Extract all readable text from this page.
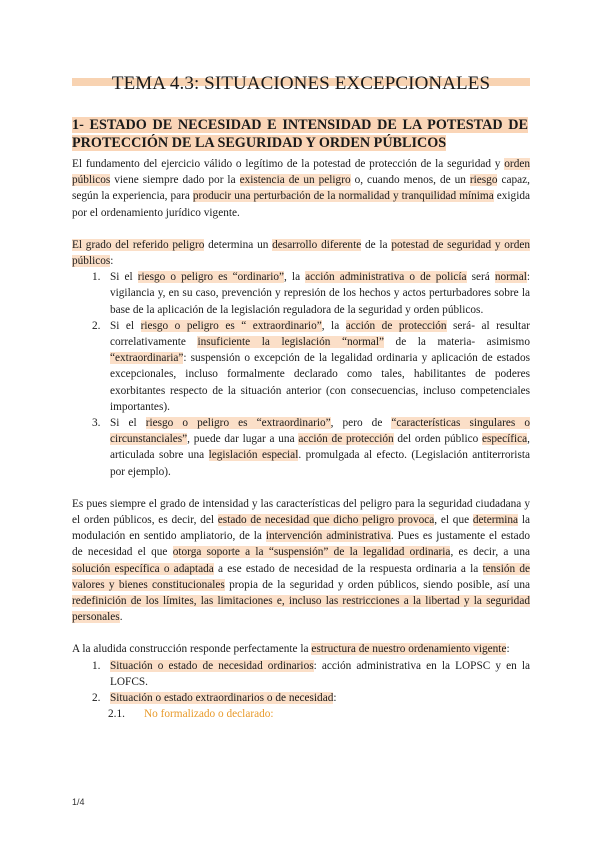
TEMA 4.3: SITUACIONES EXCEPCIONALES
1- ESTADO DE NECESIDAD E INTENSIDAD DE LA POTESTAD DE PROTECCIÓN DE LA SEGURIDAD Y ORDEN PÚBLICOS

El fundamento del ejercicio válido o legítimo de la potestad de protección de la seguridad y orden públicos viene siempre dado por la existencia de un peligro o, cuando menos, de un riesgo capaz, según la experiencia, para producir una perturbación de la normalidad y tranquilidad mínima exigida por el ordenamiento jurídico vigente.

El grado del referido peligro determina un desarrollo diferente de la potestad de seguridad y orden públicos:

1. Si el riesgo o peligro es “ordinario”, la acción administrativa o de policía será normal: vigilancia y, en su caso, prevención y represión de los hechos y actos perturbadores sobre la base de la aplicación de la legislación reguladora de la seguridad y orden públicos.
2. Si el riesgo o peligro es “ extraordinario”, la acción de protección será- al resultar correlativamente insuficiente la legislación “normal” de la materia- asimismo “extraordinaria”: suspensión o excepción de la legalidad ordinaria y aplicación de estados excepcionales, incluso formalmente declarado como tales, habilitantes de poderes exorbitantes respecto de la situación anterior (con consecuencias, incluso competenciales importantes).
3. Si el riesgo o peligro es “extraordinario”, pero de “características singulares o circunstanciales”, puede dar lugar a una acción de protección del orden público específica, articulada sobre una legislación especial. promulgada al efecto. (Legislación antiterrorista por ejemplo).

Es pues siempre el grado de intensidad y las características del peligro para la seguridad ciudadana y el orden públicos, es decir, del estado de necesidad que dicho peligro provoca, el que determina la modulación en sentido ampliatorio, de la intervención administrativa. Pues es justamente el estado de necesidad el que otorga soporte a la “suspensión” de la legalidad ordinaria, es decir, a una solución específica o adaptada a ese estado de necesidad de la respuesta ordinaria a la tensión de valores y bienes constitucionales propia de la seguridad y orden públicos, siendo posible, así una redefinición de los límites, las limitaciones e, incluso las restricciones a la libertad y la seguridad personales.

A la aludida construcción responde perfectamente la estructura de nuestro ordenamiento vigente:

1. Situación o estado de necesidad ordinarios: acción administrativa en la LOPSC y en la LOFCS.
2. Situación o estado extraordinarios o de necesidad:
2.1. No formalizado o declarado:
1/4
